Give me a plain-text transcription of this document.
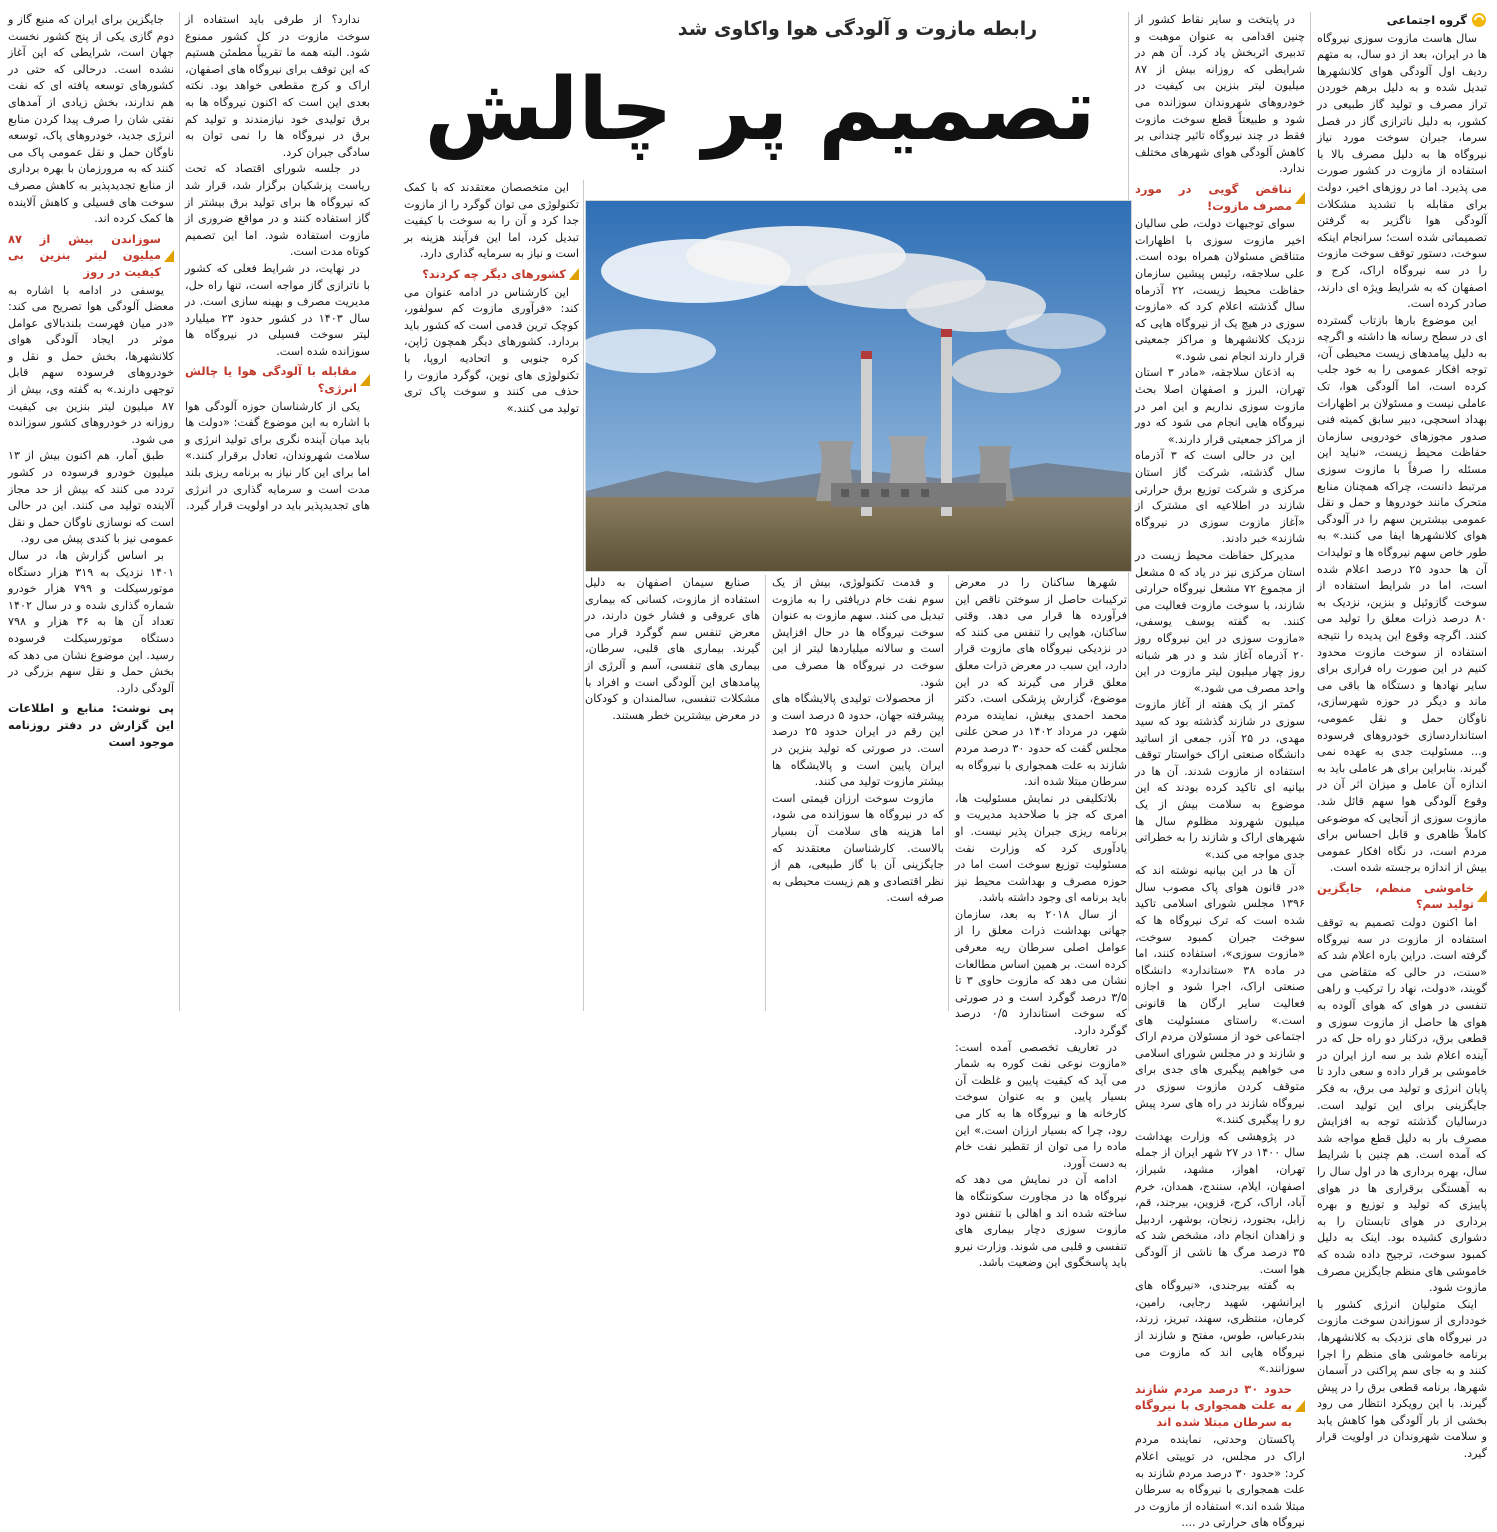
گروه اجتماعی

سال هاست مازوت سوزی نیروگاه ها در ایران، بعد از دو سال، به متهم ردیف اول آلودگی هوای کلانشهرها تبدیل شده و به دلیل برهم خوردن تراز مصرف و تولید گاز طبیعی در کشور، به دلیل ناترازی گاز در فصل سرما، جبران سوخت مورد نیاز نیروگاه ها به دلیل مصرف بالا با استفاده از مازوت در کشور صورت می پذیرد. اما در روزهای اخیر، دولت برای مقابله با تشدید مشکلات آلودگی هوا ناگزیر به گرفتن تصمیماتی شده است؛ سرانجام اینکه سوخت، دستور توقف سوخت مازوت را در سه نیروگاه اراک، کرج و اصفهان که به شرایط ویژه ای دارند، صادر کرده است.

این موضوع بارها بازتاب گسترده ای در سطح رسانه ها داشته و اگرچه به دلیل پیامدهای زیست محیطی آن، توجه افکار عمومی را به خود جلب کرده است، اما آلودگی هوا، تک عاملی نیست و مسئولان بر اظهارات بهداد اسحچی، دبیر سابق کمیته فنی صدور مجوزهای خودرویی سازمان حفاظت محیط زیست، «نباید این مسئله را صرفاً با مازوت سوزی مرتبط دانست، چراکه همچنان منابع متحرک مانند خودروها و حمل و نقل عمومی بیشترین سهم را در آلودگی هوای کلانشهرها ایفا می کنند.» به طور خاص سهم نیروگاه ها و تولیدات آن ها حدود ۲۵ درصد اعلام شده است، اما در شرایط استفاده از سوخت گازوئیل و بنزین، نزدیک به ۸۰ درصد ذرات معلق را تولید می کنند. اگرچه وقوع این پدیده را نتیجه استفاده از سوخت مازوت محدود کنیم در این صورت راه فراری برای سایر نهادها و دستگاه ها باقی می ماند و دیگر در حوزه شهرسازی، ناوگان حمل و نقل عمومی، استانداردسازی خودروهای فرسوده و... مسئولیت جدی به عهده نمی گیرند. بنابراین برای هر عاملی باید به اندازه آن عامل و میزان اثر آن در وقوع آلودگی هوا سهم قائل شد. مازوت سوزی از آنجایی که موضوعی کاملاً ظاهری و قابل احساس برای مردم است، در نگاه افکار عمومی بیش از اندازه برجسته شده است.

خاموشی منظم، جایگزین تولید سم؟

اما اکنون دولت تصمیم به توقف استفاده از مازوت در سه نیروگاه گرفته است. دراین باره اعلام شد که «سنت، در حالی که متقاضی می گویند، «دولت، نهاد را ترکیب و راهی تنفسی در هوای که هوای آلوده به هوای ها حاصل از مازوت سوزی و قطعی برق، درکنار دو راه حل که در آینده اعلام شد بر سه ارز ایران در خاموشی بر قرار داده و سعی دارد تا پایان انرژی و تولید می برق، به فکر جایگزینی برای این تولید است. درسالیان گذشته توجه به افزایش مصرف بار به دلیل قطع مواجه شد که آمده است. هم چنین با شرایط سال، بهره برداری ها در اول سال را به آهستگی برقراری ها در هوای پاییزی که تولید و توزیع و بهره برداری در هوای تابستان را به دشواری کشیده بود. اینک به دلیل کمبود سوخت، ترجیح داده شده که خاموشی های منظم جایگزین مصرف مازوت شود.

اینک متولیان انرژی کشور با خودداری از سوزاندن سوخت مازوت در نیروگاه های نزدیک به کلانشهرها، برنامه خاموشی های منظم را اجرا کنند و به جای سم پراکنی در آسمان شهرها، برنامه قطعی برق را در پیش گیرند. با این رویکرد انتظار می رود بخشی از بار آلودگی هوا کاهش یابد و سلامت شهروندان در اولویت قرار گیرد.

در پایتخت و سایر نقاط کشور از چنین اقدامی به عنوان موهبت و تدبیری اثربخش یاد کرد. آن هم در شرایطی که روزانه بیش از ۸۷ میلیون لیتر بنزین بی کیفیت در خودروهای شهروندان سوزانده می شود و طبیعتاً قطع سوخت مازوت فقط در چند نیروگاه تاثیر چندانی بر کاهش آلودگی هوای شهرهای مختلف ندارد.

تناقض گویی در مورد مصرف مازوت!

سوای توجیهات دولت، طی سالیان اخیر مازوت سوزی با اظهارات متناقض مسئولان همراه بوده است. علی سلاجقه، رئیس پیشین سازمان حفاظت محیط زیست، ۲۲ آذرماه سال گذشته اعلام کرد که «مازوت سوزی در هیچ یک از نیروگاه هایی که نزدیک کلانشهرها و مراکز جمعیتی قرار دارند انجام نمی شود.»

به اذعان سلاجقه، «مادر ۳ استان تهران، البرز و اصفهان اصلا بحث مازوت سوزی نداریم و این امر در نیروگاه هایی انجام می شود که دور از مراکز جمعیتی قرار دارند.»

این در حالی است که ۳ آذرماه سال گذشته، شرکت گاز استان مرکزی و شرکت توزیع برق حرارتی شازند در اطلاعیه ای مشترک از «آغاز مازوت سوزی در نیروگاه شازند» خبر دادند.

مدیرکل حفاظت محیط زیست در استان مرکزی نیز در یاد که ۵ مشعل از مجموع ۷۲ مشعل نیروگاه حرارتی شازند، با سوخت مازوت فعالیت می کنند. به گفته یوسف یوسفی، «مازوت سوزی در این نیروگاه روز ۲۰ آذرماه آغاز شد و در هر شبانه روز چهار میلیون لیتر مازوت در این واحد مصرف می شود.»

کمتر از یک هفته از آغاز مازوت سوزی در شازند گذشته بود که سید مهدی، در ۲۵ آذر، جمعی از اساتید دانشگاه صنعتی اراک خواستار توقف استفاده از مازوت شدند. آن ها در بیانیه ای تاکید کرده بودند که این موضوع به سلامت بیش از یک میلیون شهروند مظلوم سال ها شهرهای اراک و شازند را به خطراتی جدی مواجه می کند.»

آن ها در این بیانیه نوشته اند که «در قانون هوای پاک مصوب سال ۱۳۹۶ مجلس شورای اسلامی تاکید شده است که ترک نیروگاه ها که سوخت جبران کمبود سوخت، «مازوت سوزی»، استفاده کنند، اما در ماده ۳۸ «ستاندارد» دانشگاه صنعتی اراک، اجرا شود و اجازه فعالیت سایر ارگان ها قانونی است.» راستای مسئولیت های اجتماعی خود از مسئولان مردم اراک و شازند و در مجلس شورای اسلامی می خواهیم پیگیری های جدی برای متوقف کردن مازوت سوزی در نیروگاه شازند در راه های سرد پیش رو را پیگیری کنند.»

در پژوهشی که وزارت بهداشت سال ۱۴۰۰ در ۲۷ شهر ایران از جمله تهران، اهواز، مشهد، شیراز، اصفهان، ایلام، سنندج، همدان، خرم آباد، اراک، کرج، قزوین، بیرجند، قم، زابل، بجنورد، زنجان، بوشهر، اردبیل و زاهدان انجام داد، مشخص شد که ۳۵ درصد مرگ ها ناشی از آلودگی هوا است.

به گفته بیرجندی، «نیروگاه های ایرانشهر، شهید رجایی، رامین، کرمان، منتظری، سهند، تبریز، زرند، بندرعباس، طوس، مفتح و شازند از نیروگاه هایی اند که مازوت می سوزانند.»

حدود ۳۰ درصد مردم شازند به علت همجواری با نیروگاه به سرطان مبتلا شده اند

پاکستان وحدتی، نماینده مردم اراک در مجلس، در توییتی اعلام کرد: «حدود ۳۰ درصد مردم شازند به علت همجواری با نیروگاه به سرطان مبتلا شده اند.» استفاده از مازوت در نیروگاه های حرارتی در ....

رابطه مازوت و آلودگی هوا واکاوی شد
تصمیم پر چالش

شهرها ساکنان را در معرض ترکیبات حاصل از سوختن ناقص این فرآورده ها قرار می دهد. وقتی ساکنان، هوایی را تنفس می کنند که در نزدیکی نیروگاه های مازوت قرار دارد، این سبب در معرض ذرات معلق معلق قرار می گیرند که در این موضوع، گزارش پزشکی است. دکتر محمد احمدی بیغش، نماینده مردم شهر، در مرداد ۱۴۰۲ در صحن علنی مجلس گفت که حدود ۳۰ درصد مردم شازند به علت همجواری با نیروگاه به سرطان مبتلا شده اند.

بلاتکلیفی در نمایش مسئولیت ها، امری که جز با صلاحدید مدیریت و برنامه ریزی جبران پذیر نیست. او یادآوری کرد که وزارت نفت مسئولیت توزیع سوخت است اما در حوزه مصرف و بهداشت محیط نیز باید برنامه ای وجود داشته باشد.

از سال ۲۰۱۸ به بعد، سازمان جهانی بهداشت ذرات معلق را از عوامل اصلی سرطان ریه معرفی کرده است. بر همین اساس مطالعات نشان می دهد که مازوت حاوی ۳ تا ۳/۵ درصد گوگرد است و در صورتی که سوخت استاندارد ۰/۵ درصد گوگرد دارد.

در تعاریف تخصصی آمده است: «مازوت نوعی نفت کوره به شمار می آید که کیفیت پایین و غلظت آن بسیار پایین و به عنوان سوخت کارخانه ها و نیروگاه ها به کار می رود، چرا که بسیار ارزان است.» این ماده را می توان از تقطیر نفت خام به دست آورد.

ادامه آن در نمایش می دهد که نیروگاه ها در مجاورت سکونتگاه ها ساخته شده اند و اهالی با تنفس دود مازوت سوزی دچار بیماری های تنفسی و قلبی می شوند. وزارت نیرو باید پاسخگوی این وضعیت باشد.

و قدمت تکنولوژی، بیش از یک سوم نفت خام دریافتی را به مازوت تبدیل می کنند. سهم مازوت به عنوان سوخت نیروگاه ها در حال افزایش است و سالانه میلیاردها لیتر از این سوخت در نیروگاه ها مصرف می شود.

از محصولات تولیدی پالایشگاه های پیشرفته جهان، حدود ۵ درصد است و این رقم در ایران حدود ۲۵ درصد است. در صورتی که تولید بنزین در ایران پایین است و پالایشگاه ها بیشتر مازوت تولید می کنند.

مازوت سوخت ارزان قیمتی است که در نیروگاه ها سوزانده می شود، اما هزینه های سلامت آن بسیار بالاست. کارشناسان معتقدند که جایگزینی آن با گاز طبیعی، هم از نظر اقتصادی و هم زیست محیطی به صرفه است.

صنایع سیمان اصفهان به دلیل استفاده از مازوت، کسانی که بیماری های عروقی و فشار خون دارند، در معرض تنفس سم گوگرد قرار می گیرند. بیماری های قلبی، سرطان، بیماری های تنفسی، آسم و آلرژی از پیامدهای این آلودگی است و افراد با مشکلات تنفسی، سالمندان و کودکان در معرض بیشترین خطر هستند.

این متخصصان معتقدند که با کمک تکنولوژی می توان گوگرد را از مازوت جدا کرد و آن را به سوخت با کیفیت تبدیل کرد، اما این فرآیند هزینه بر است و نیاز به سرمایه گذاری دارد.

کشورهای دیگر چه کردند؟

این کارشناس در ادامه عنوان می کند: «فرآوری مازوت کم سولفور، کوچک ترین قدمی است که کشور باید بردارد. کشورهای دیگر همچون ژاپن، کره جنوبی و اتحادیه اروپا، با تکنولوژی های نوین، گوگرد مازوت را حذف می کنند و سوخت پاک تری تولید می کنند.»

ندارد؟ از طرفی باید استفاده از سوخت مازوت در کل کشور ممنوع شود. البته همه ما تقریباً مطمئن هستیم که این توقف برای نیروگاه های اصفهان، اراک و کرج مقطعی خواهد بود. نکته بعدی این است که اکنون نیروگاه ها به برق تولیدی خود نیازمندند و تولید کم برق در نیروگاه ها را نمی توان به سادگی جبران کرد.

در جلسه شورای اقتصاد که تحت ریاست پزشکیان برگزار شد، قرار شد که نیروگاه ها برای تولید برق بیشتر از گاز استفاده کنند و در مواقع ضروری از مازوت استفاده شود. اما این تصمیم کوتاه مدت است.

در نهایت، در شرایط فعلی که کشور با ناترازی گاز مواجه است، تنها راه حل، مدیریت مصرف و بهینه سازی است. در سال ۱۴۰۳ در کشور حدود ۲۳ میلیارد لیتر سوخت فسیلی در نیروگاه ها سوزانده شده است.

مقابله با آلودگی هوا یا چالش انرژی؟

یکی از کارشناسان حوزه آلودگی هوا با اشاره به این موضوع گفت: «دولت ها باید میان آینده نگری برای تولید انرژی و سلامت شهروندان، تعادل برقرار کنند.» اما برای این کار نیاز به برنامه ریزی بلند مدت است و سرمایه گذاری در انرژی های تجدیدپذیر باید در اولویت قرار گیرد.

جایگزین برای ایران که منبع گاز و دوم گازی یکی از پنج کشور نخست جهان است، شرایطی که این آغاز نشده است. درحالی که حتی در کشورهای توسعه یافته ای که نفت هم ندارند، بخش زیادی از آمدهای نفتی شان را صرف پیدا کردن منابع انرژی جدید، خودروهای پاک، توسعه ناوگان حمل و نقل عمومی پاک می کنند که به مرورزمان با بهره برداری از منابع تجدیدپذیر به کاهش مصرف سوخت های فسیلی و کاهش آلاینده ها کمک کرده اند.

سوزاندن بیش از ۸۷ میلیون لیتر بنزین بی کیفیت در روز

یوسفی در ادامه با اشاره به معضل آلودگی هوا تصریح می کند: «در میان فهرست بلندبالای عوامل موثر در ایجاد آلودگی هوای کلانشهرها، بخش حمل و نقل و خودروهای فرسوده سهم قابل توجهی دارند.» به گفته وی، بیش از ۸۷ میلیون لیتر بنزین بی کیفیت روزانه در خودروهای کشور سوزانده می شود.

طبق آمار، هم اکنون بیش از ۱۳ میلیون خودرو فرسوده در کشور تردد می کنند که بیش از حد مجاز آلاینده تولید می کنند. این در حالی است که نوسازی ناوگان حمل و نقل عمومی نیز با کندی پیش می رود.

بر اساس گزارش ها، در سال ۱۴۰۱ نزدیک به ۳۱۹ هزار دستگاه موتورسیکلت و ۷۹۹ هزار خودرو شماره گذاری شده و در سال ۱۴۰۲ تعداد آن ها به ۳۶ هزار و ۷۹۸ دستگاه موتورسیکلت فرسوده رسید. این موضوع نشان می دهد که بخش حمل و نقل سهم بزرگی در آلودگی دارد.

پی نوشت: منابع و اطلاعات این گزارش در دفتر روزنامه موجود است
